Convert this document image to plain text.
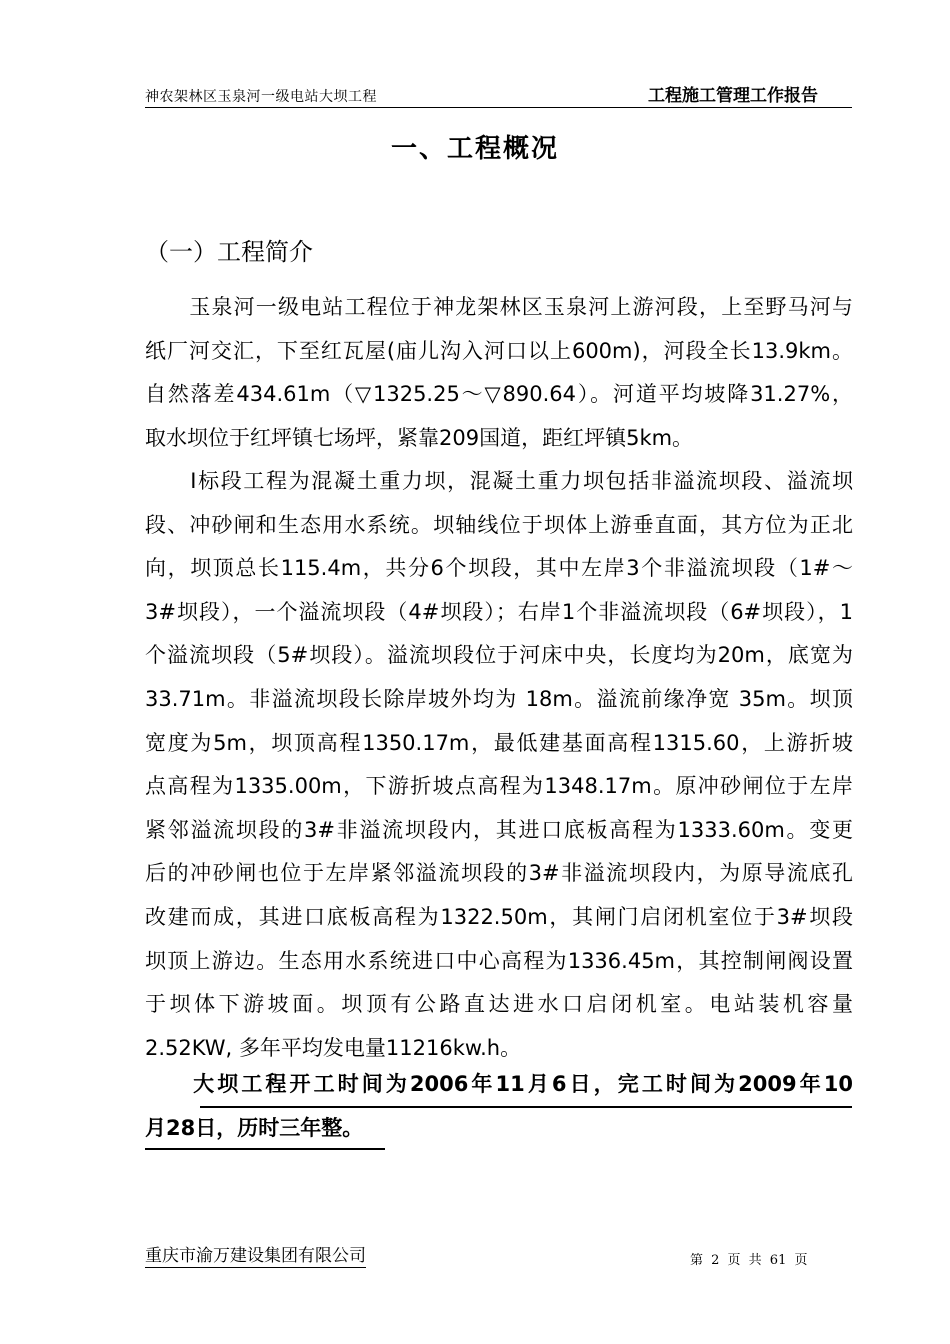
神农架林区玉泉河一级电站大坝工程	工程施工管理工作报告
一、工程概况
（一）工程简介
　　玉泉河一级电站工程位于神龙架林区玉泉河上游河段，上至野马河与
纸厂河交汇，下至红瓦屋(庙儿沟入河口以上600m)，河段全长13.9km。
自然落差434.61m（▽1325.25～▽890.64）。河道平均坡降31.27%，
取水坝位于红坪镇七场坪，紧靠209国道，距红坪镇5km。
　　Ⅰ标段工程为混凝土重力坝，混凝土重力坝包括非溢流坝段、溢流坝
段、冲砂闸和生态用水系统。坝轴线位于坝体上游垂直面，其方位为正北
向，坝顶总长115.4m，共分6个坝段，其中左岸3个非溢流坝段（1#～
3#坝段），一个溢流坝段（4#坝段）；右岸1个非溢流坝段（6#坝段），1
个溢流坝段（5#坝段）。溢流坝段位于河床中央，长度均为20m，底宽为
33.71m。非溢流坝段长除岸坡外均为 18m。溢流前缘净宽 35m。坝顶
宽度为5m，坝顶高程1350.17m，最低建基面高程1315.60，上游折坡
点高程为1335.00m，下游折坡点高程为1348.17m。原冲砂闸位于左岸
紧邻溢流坝段的3#非溢流坝段内，其进口底板高程为1333.60m。变更
后的冲砂闸也位于左岸紧邻溢流坝段的3#非溢流坝段内，为原导流底孔
改建而成，其进口底板高程为1322.50m，其闸门启闭机室位于3#坝段
坝顶上游边。生态用水系统进口中心高程为1336.45m，其控制闸阀设置
于坝体下游坡面。坝顶有公路直达进水口启闭机室。电站装机容量
2.52KW, 多年平均发电量11216kw.h。
　　大坝工程开工时间为2006年11月6日，完工时间为2009年10
月28日，历时三年整。
重庆市渝万建设集团有限公司	第 2 页 共 61 页
